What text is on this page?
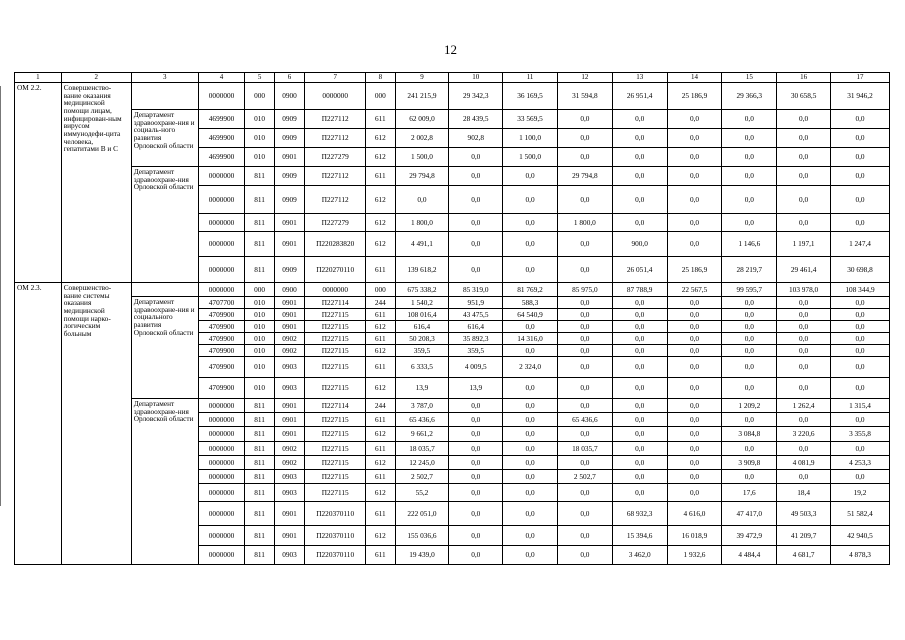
12
1	2	3	4	5	6	7	8	9	10	11	12	13	14	15	16	17
ОМ 2.2.	Совершенство-вание оказания медицинской помощи лицам, инфицирован-ным вирусом иммунодефи-цита человека, гепатитами В и С		0000000	000	0900	0000000	000	241 215,9	29 342,3	36 169,5	31 594,8	26 951,4	25 186,9	29 366,3	30 658,5	31 946,2
		Департамент здравоохране-ния и социаль-ного развития Орловской области	4699900	010	0909	П227112	611	62 009,0	28 439,5	33 569,5	0,0	0,0	0,0	0,0	0,0	0,0
			4699900	010	0909	П227112	612	2 002,8	902,8	1 100,0	0,0	0,0	0,0	0,0	0,0	0,0
			4699900	010	0901	П227279	612	1 500,0	0,0	1 500,0	0,0	0,0	0,0	0,0	0,0	0,0
		Департамент здравоохране-ния Орловской области	0000000	811	0909	П227112	611	29 794,8	0,0	0,0	29 794,8	0,0	0,0	0,0	0,0	0,0
			0000000	811	0909	П227112	612	0,0	0,0	0,0	0,0	0,0	0,0	0,0	0,0	0,0
			0000000	811	0901	П227279	612	1 800,0	0,0	0,0	1 800,0	0,0	0,0	0,0	0,0	0,0
			0000000	811	0901	П22028З820	612	4 491,1	0,0	0,0	0,0	900,0	0,0	1 146,6	1 197,1	1 247,4
			0000000	811	0909	П220270110	611	139 618,2	0,0	0,0	0,0	26 051,4	25 186,9	28 219,7	29 461,4	30 698,8
ОМ 2.3.	Совершенство-вание системы оказания медицинской помощи нарко-логическим больным		0000000	000	0900	0000000	000	675 338,2	85 319,0	81 769,2	85 975,0	87 788,9	22 567,5	99 595,7	103 978,0	108 344,9
		Департамент здравоохране-ния и социального развития Орловской области	4707700	010	0901	П227114	244	1 540,2	951,9	588,3	0,0	0,0	0,0	0,0	0,0	0,0
			4709900	010	0901	П227115	611	108 016,4	43 475,5	64 540,9	0,0	0,0	0,0	0,0	0,0	0,0
			4709900	010	0901	П227115	612	616,4	616,4	0,0	0,0	0,0	0,0	0,0	0,0	0,0
			4709900	010	0902	П227115	611	50 208,3	35 892,3	14 316,0	0,0	0,0	0,0	0,0	0,0	0,0
			4709900	010	0902	П227115	612	359,5	359,5	0,0	0,0	0,0	0,0	0,0	0,0	0,0
			4709900	010	0903	П227115	611	6 333,5	4 009,5	2 324,0	0,0	0,0	0,0	0,0	0,0	0,0
			4709900	010	0903	П227115	612	13,9	13,9	0,0	0,0	0,0	0,0	0,0	0,0	0,0
		Департамент здравоохране-ния Орловской области	0000000	811	0901	П227114	244	3 787,0	0,0	0,0	0,0	0,0	0,0	1 209,2	1 262,4	1 315,4
			0000000	811	0901	П227115	611	65 436,6	0,0	0,0	65 436,6	0,0	0,0	0,0	0,0	0,0
			0000000	811	0901	П227115	612	9 661,2	0,0	0,0	0,0	0,0	0,0	3 084,8	3 220,6	3 355,8
			0000000	811	0902	П227115	611	18 035,7	0,0	0,0	18 035,7	0,0	0,0	0,0	0,0	0,0
			0000000	811	0902	П227115	612	12 245,0	0,0	0,0	0,0	0,0	0,0	3 909,8	4 081,9	4 253,3
			0000000	811	0903	П227115	611	2 502,7	0,0	0,0	2 502,7	0,0	0,0	0,0	0,0	0,0
			0000000	811	0903	П227115	612	55,2	0,0	0,0	0,0	0,0	0,0	17,6	18,4	19,2
			0000000	811	0901	П220370110	611	222 051,0	0,0	0,0	0,0	68 932,3	4 616,0	47 417,0	49 503,3	51 582,4
			0000000	811	0901	П220370110	612	155 036,6	0,0	0,0	0,0	15 394,6	16 018,9	39 472,9	41 209,7	42 940,5
			0000000	811	0903	П220370110	611	19 439,0	0,0	0,0	0,0	3 462,0	1 932,6	4 484,4	4 681,7	4 878,3
